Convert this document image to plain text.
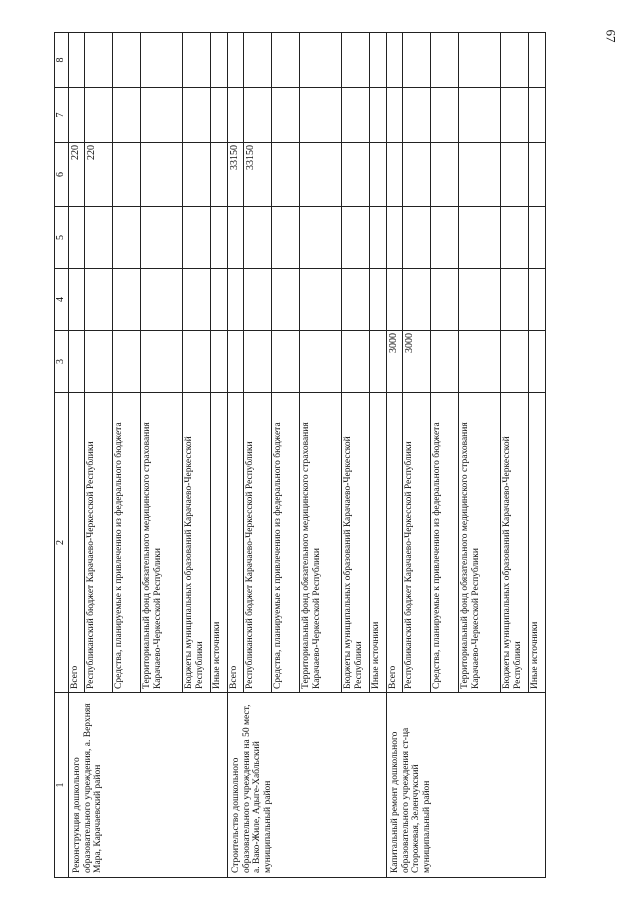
67
1	2	3	4	5	6	7	8
Реконструкция дошкольного образовательного учреждения, а. Верхняя Мара, Карачаевский район	Всего				220		
	Республиканский бюджет Карачаево-Черкесской Республики				220		
	Средства, планируемые к привлечению из федерального бюджета						
	Территориальный фонд обязательного медицинского страхования Карачаево-Черкесской Республики						
	Бюджеты муниципальных образований Карачаево-Черкесской Республики						
	Иные источники						
Строительство дошкольного образовательного учреждения на 50 мест, а. Вако-Жиле, Адыге-Хабльский муниципальный район	Всего				33150		
	Республиканский бюджет Карачаево-Черкесской Республики				33150		
	Средства, планируемые к привлечению из федерального бюджета						
	Территориальный фонд обязательного медицинского страхования Карачаево-Черкесской Республики						
	Бюджеты муниципальных образований Карачаево-Черкесской Республики						
	Иные источники						
Капитальный ремонт дошкольного образовательного учреждения ст-ца Сторожевая, Зеленчукский муниципальный район	Всего	3000					
	Республиканский бюджет Карачаево-Черкесской Республики	3000					
	Средства, планируемые к привлечению из федерального бюджета						
	Территориальный фонд обязательного медицинского страхования Карачаево-Черкесской Республики						
	Бюджеты муниципальных образований Карачаево-Черкесской Республики						
	Иные источники						
